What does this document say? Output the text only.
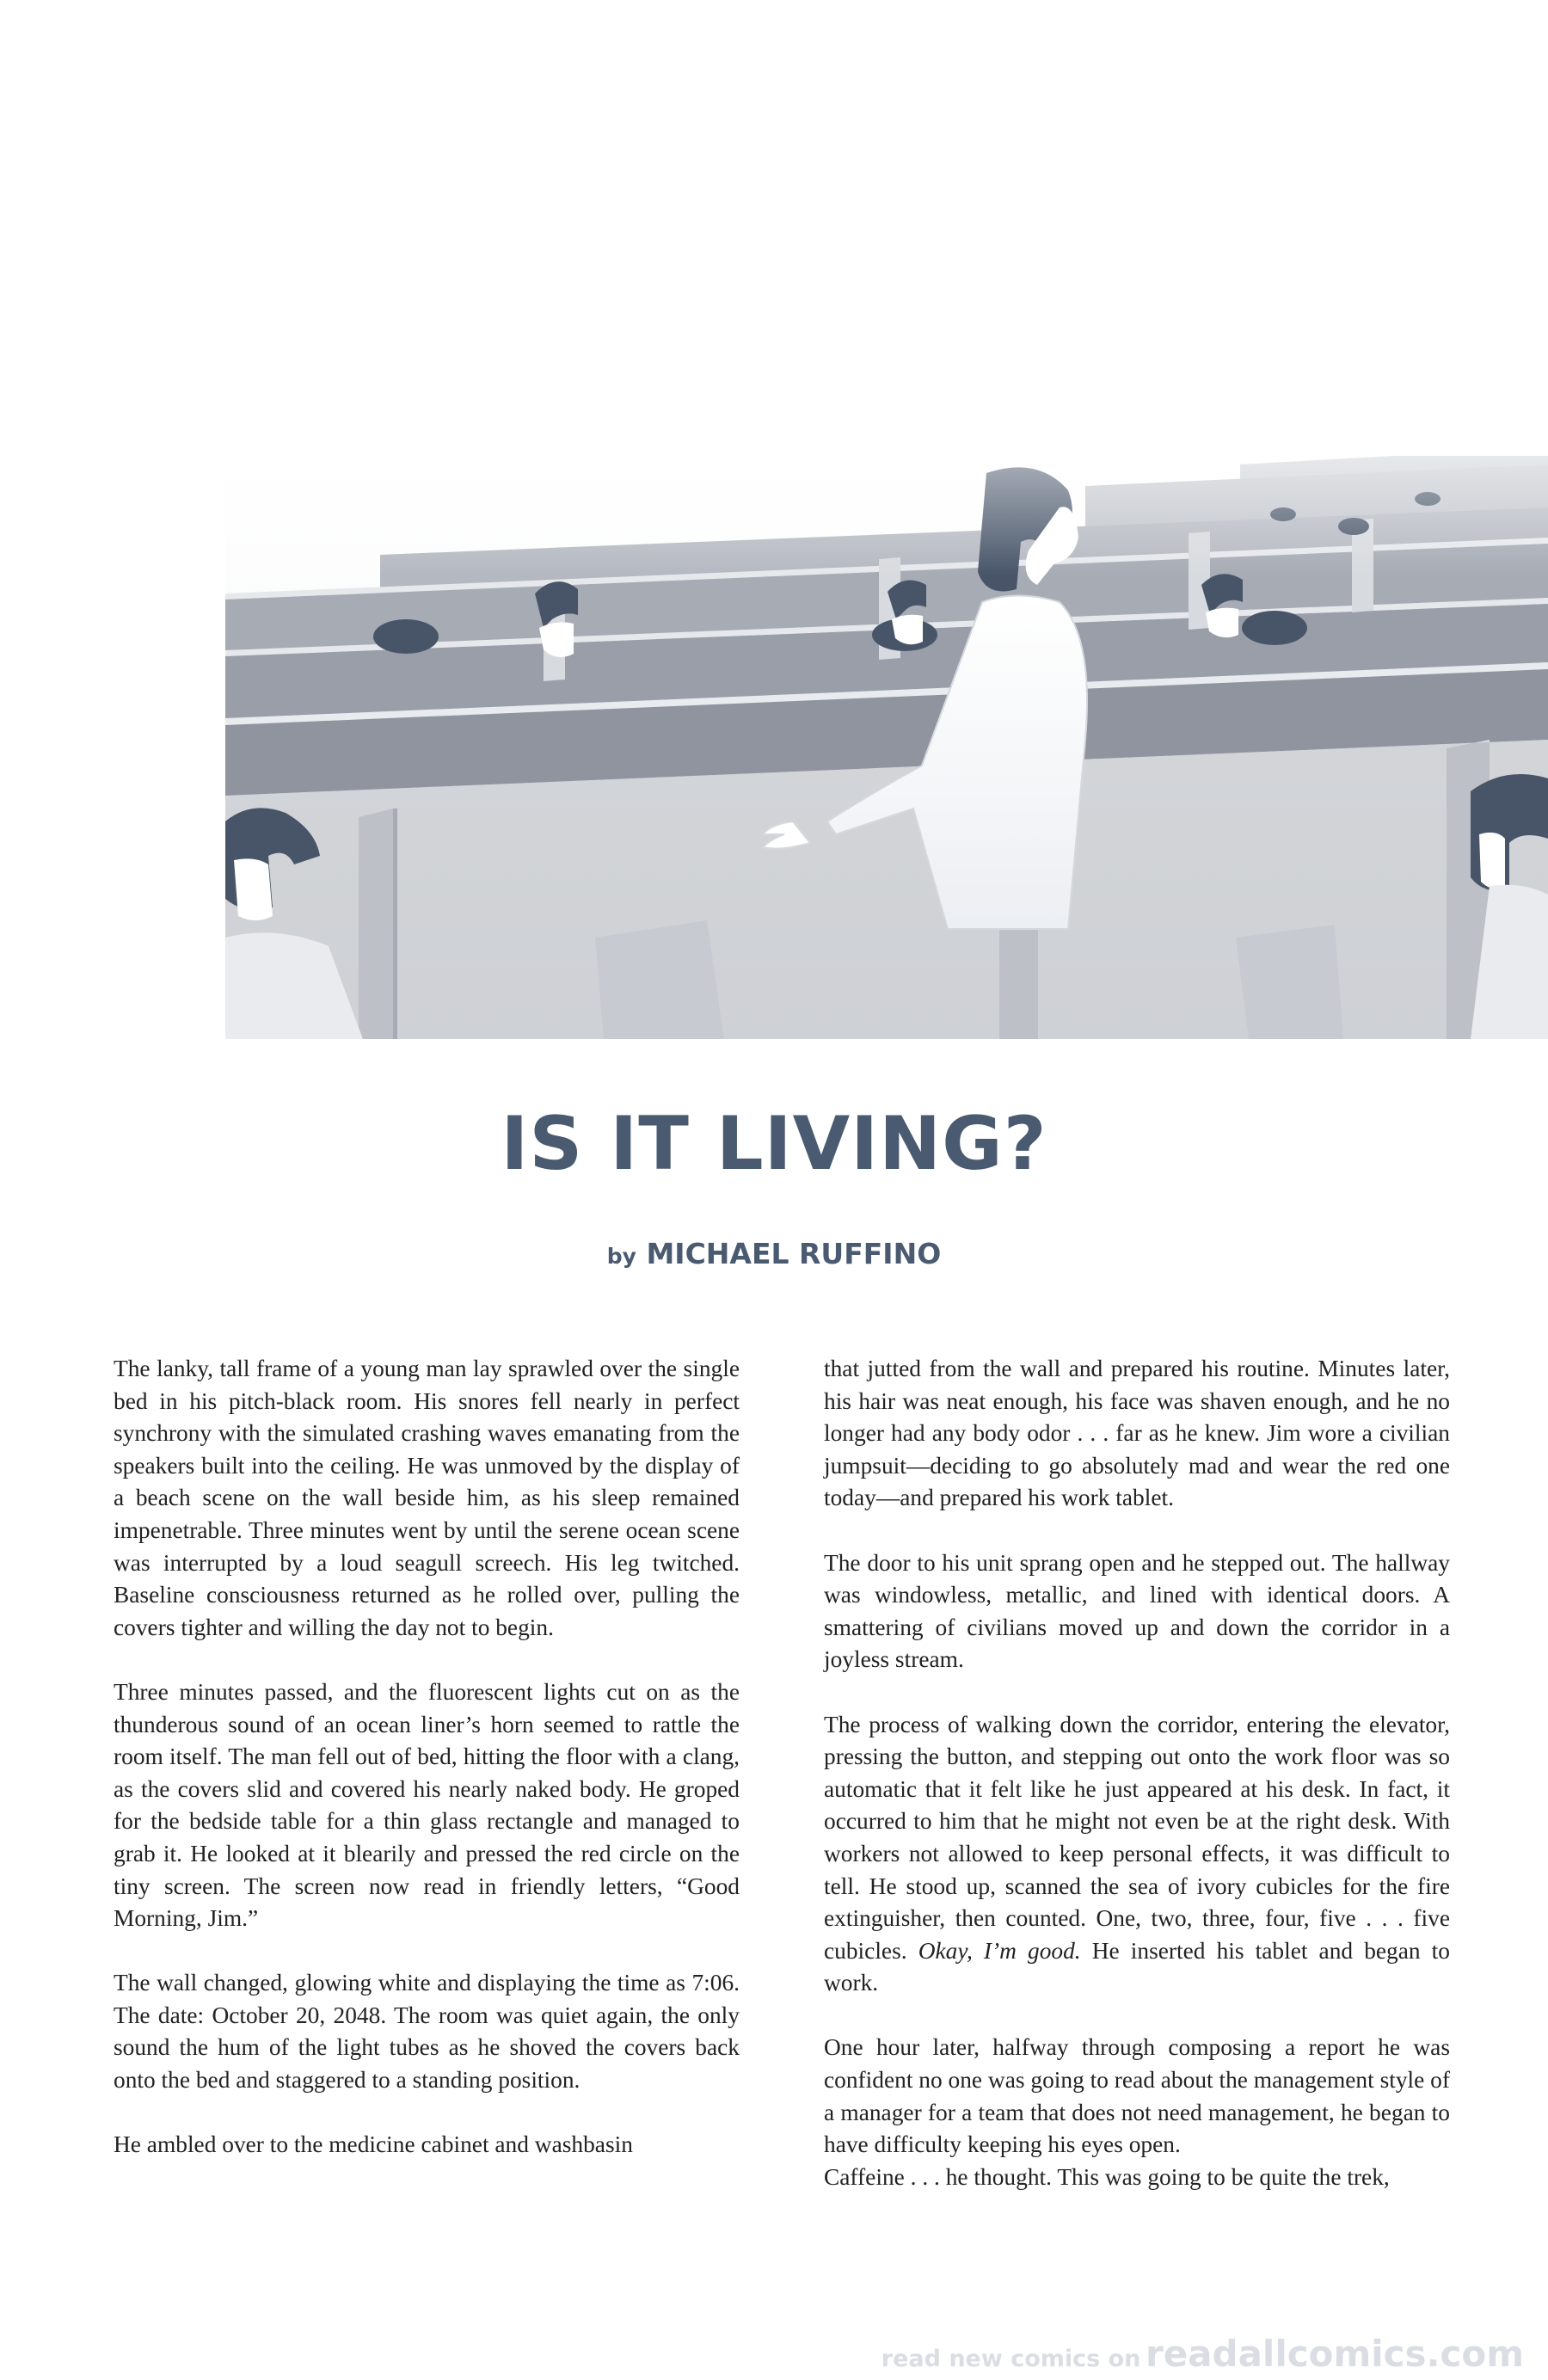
IS IT LIVING?
by MICHAEL RUFFINO

The lanky, tall frame of a young man lay sprawled over the single bed in his pitch-black room. His snores fell nearly in perfect synchrony with the simulated crashing waves emanating from the speakers built into the ceiling. He was unmoved by the display of a beach scene on the wall beside him, as his sleep remained impenetrable. Three minutes went by until the serene ocean scene was interrupted by a loud seagull screech. His leg twitched. Baseline consciousness returned as he rolled over, pulling the covers tighter and willing the day not to begin.

Three minutes passed, and the fluorescent lights cut on as the thunderous sound of an ocean liner’s horn seemed to rattle the room itself. The man fell out of bed, hitting the floor with a clang, as the covers slid and covered his nearly naked body. He groped for the bedside table for a thin glass rectangle and managed to grab it. He looked at it blearily and pressed the red circle on the tiny screen. The screen now read in friendly letters, “Good Morning, Jim.”

The wall changed, glowing white and displaying the time as 7:06. The date: October 20, 2048. The room was quiet again, the only sound the hum of the light tubes as he shoved the covers back onto the bed and staggered to a standing position.

He ambled over to the medicine cabinet and washbasin

that jutted from the wall and prepared his routine. Minutes later, his hair was neat enough, his face was shaven enough, and he no longer had any body odor . . . far as he knew. Jim wore a civilian jumpsuit—deciding to go absolutely mad and wear the red one today—and prepared his work tablet.

The door to his unit sprang open and he stepped out. The hallway was windowless, metallic, and lined with identical doors. A smattering of civilians moved up and down the corridor in a joyless stream.

The process of walking down the corridor, entering the elevator, pressing the button, and stepping out onto the work floor was so automatic that it felt like he just appeared at his desk. In fact, it occurred to him that he might not even be at the right desk. With workers not allowed to keep personal effects, it was difficult to tell. He stood up, scanned the sea of ivory cubicles for the fire extinguisher, then counted. One, two, three, four, five . . . five cubicles. Okay, I’m good. He inserted his tablet and began to work.

One hour later, halfway through composing a report he was confident no one was going to read about the management style of a manager for a team that does not need management, he began to have difficulty keeping his eyes open.

Caffeine . . . he thought. This was going to be quite the trek,

read new comics on readallcomics.com
